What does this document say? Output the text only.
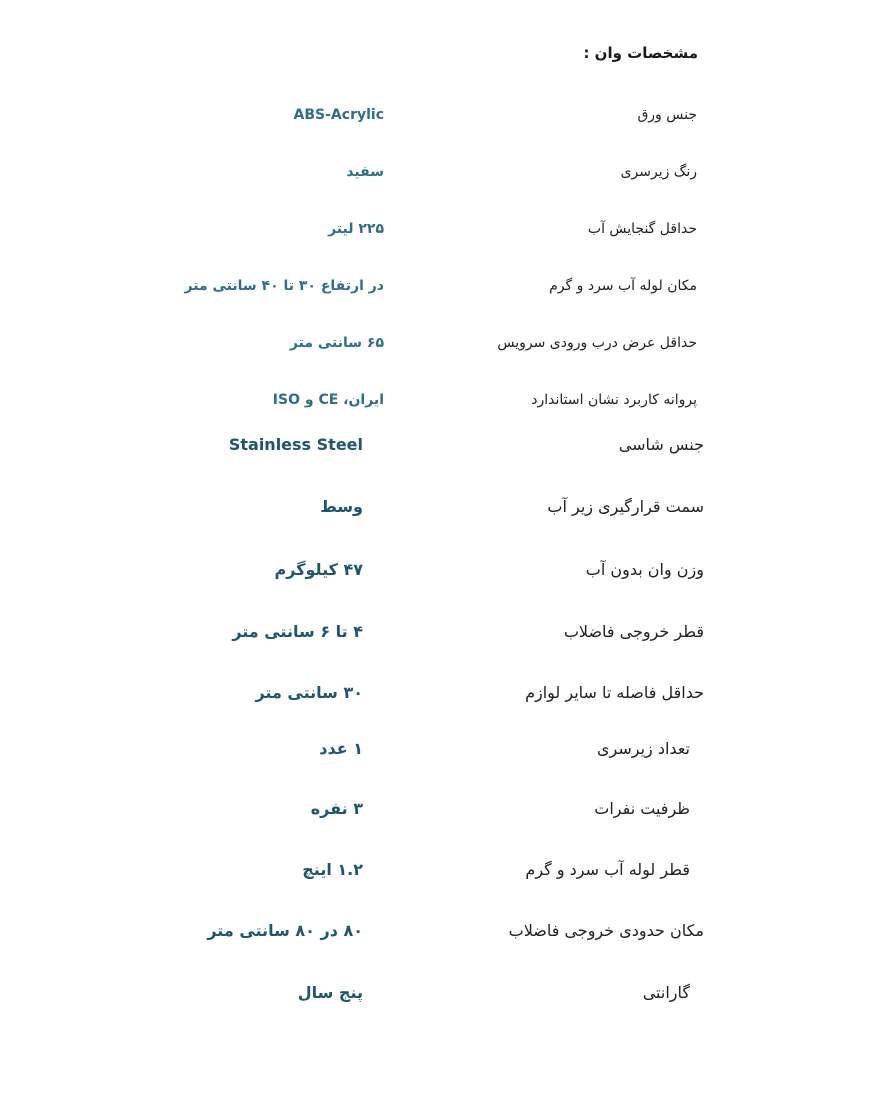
مشخصات وان :
جنس ورق
ABS-Acrylic
رنگ زیرسری
سفید
حداقل گنجایش آب
۲۲۵ لیتر
مکان لوله آب سرد و گرم
در ارتفاع ۳۰ تا ۴۰ سانتی متر
حداقل عرض درب ورودی سرویس
۶۵ سانتی متر
پروانه کاربرد نشان استاندارد
ایران، CE و ISO
جنس شاسی
Stainless Steel
سمت قرارگیری زیر آب
وسط
وزن وان بدون آب
۴۷ کیلوگرم
قطر خروجی فاضلاب
۴ تا ۶ سانتی متر
حداقل فاصله تا سایر لوازم
۳۰ سانتی متر
تعداد زیرسری
۱ عدد
ظرفیت نفرات
۳ نفره
قطر لوله آب سرد و گرم
۱.۲ اینچ
مکان حدودی خروجی فاضلاب
۸۰ در ۸۰ سانتی متر
گارانتی
پنج سال
